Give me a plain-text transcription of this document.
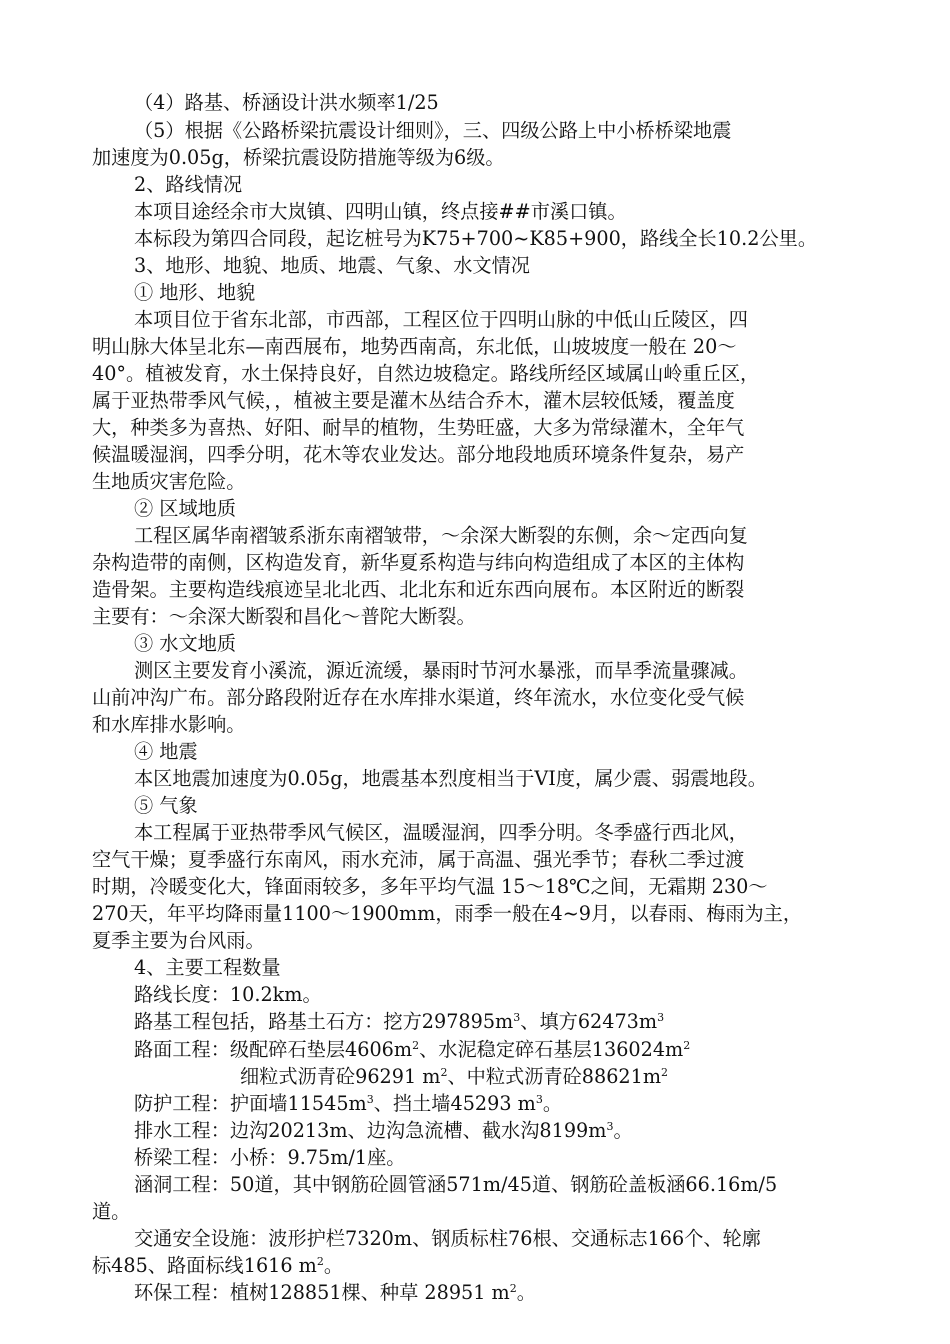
（4）路基、桥涵设计洪水频率1/25
（5）根据《公路桥梁抗震设计细则》，三、四级公路上中小桥桥梁地震
加速度为0.05g，桥梁抗震设防措施等级为6级。
2、路线情况
本项目途经余市大岚镇、四明山镇，终点接##市溪口镇。
本标段为第四合同段，起讫桩号为K75+700~K85+900，路线全长10.2公里。
3、地形、地貌、地质、地震、气象、水文情况
① 地形、地貌
本项目位于省东北部，市西部，工程区位于四明山脉的中低山丘陵区，四
明山脉大体呈北东—南西展布，地势西南高，东北低，山坡坡度一般在 20～
40°。植被发育，水土保持良好，自然边坡稳定。路线所经区域属山岭重丘区，
属于亚热带季风气候，，植被主要是灌木丛结合乔木，灌木层较低矮，覆盖度
大，种类多为喜热、好阳、耐旱的植物，生势旺盛，大多为常绿灌木，全年气
候温暖湿润，四季分明，花木等农业发达。部分地段地质环境条件复杂，易产
生地质灾害危险。
② 区域地质
工程区属华南褶皱系浙东南褶皱带，～余深大断裂的东侧，余～定西向复
杂构造带的南侧，区构造发育，新华夏系构造与纬向构造组成了本区的主体构
造骨架。主要构造线痕迹呈北北西、北北东和近东西向展布。本区附近的断裂
主要有：～余深大断裂和昌化～普陀大断裂。
③ 水文地质
测区主要发育小溪流，源近流缓，暴雨时节河水暴涨，而旱季流量骤减。
山前冲沟广布。部分路段附近存在水库排水渠道，终年流水，水位变化受气候
和水库排水影响。
④ 地震
本区地震加速度为0.05g，地震基本烈度相当于VI度，属少震、弱震地段。
⑤ 气象
本工程属于亚热带季风气候区，温暖湿润，四季分明。冬季盛行西北风，
空气干燥；夏季盛行东南风，雨水充沛，属于高温、强光季节；春秋二季过渡
时期，冷暖变化大，锋面雨较多，多年平均气温 15～18℃之间，无霜期 230～
270天，年平均降雨量1100～1900mm，雨季一般在4~9月，以春雨、梅雨为主，
夏季主要为台风雨。
4、主要工程数量
路线长度：10.2km。
路基工程包括，路基土石方：挖方$297895m^3$、填方$62473m^3$
路面工程：级配碎石垫层$4606m^2$、水泥稳定碎石基层$136024m^2$
细粒式沥青砼96291 $m^2$、中粒式沥青砼$88621m^2$
防护工程：护面墙$11545m^3$、挡土墙45293 $m^3$。
排水工程：边沟20213m、边沟急流槽、截水沟$8199m^3$。
桥梁工程：小桥：9.75m/1座。
涵洞工程：50道，其中钢筋砼圆管涵571m/45道、钢筋砼盖板涵66.16m/5
道。
交通安全设施：波形护栏7320m、钢质标柱76根、交通标志166个、轮廓
标485、路面标线1616 $m^2$。
环保工程：植树128851棵、种草 28951 $m^2$。
